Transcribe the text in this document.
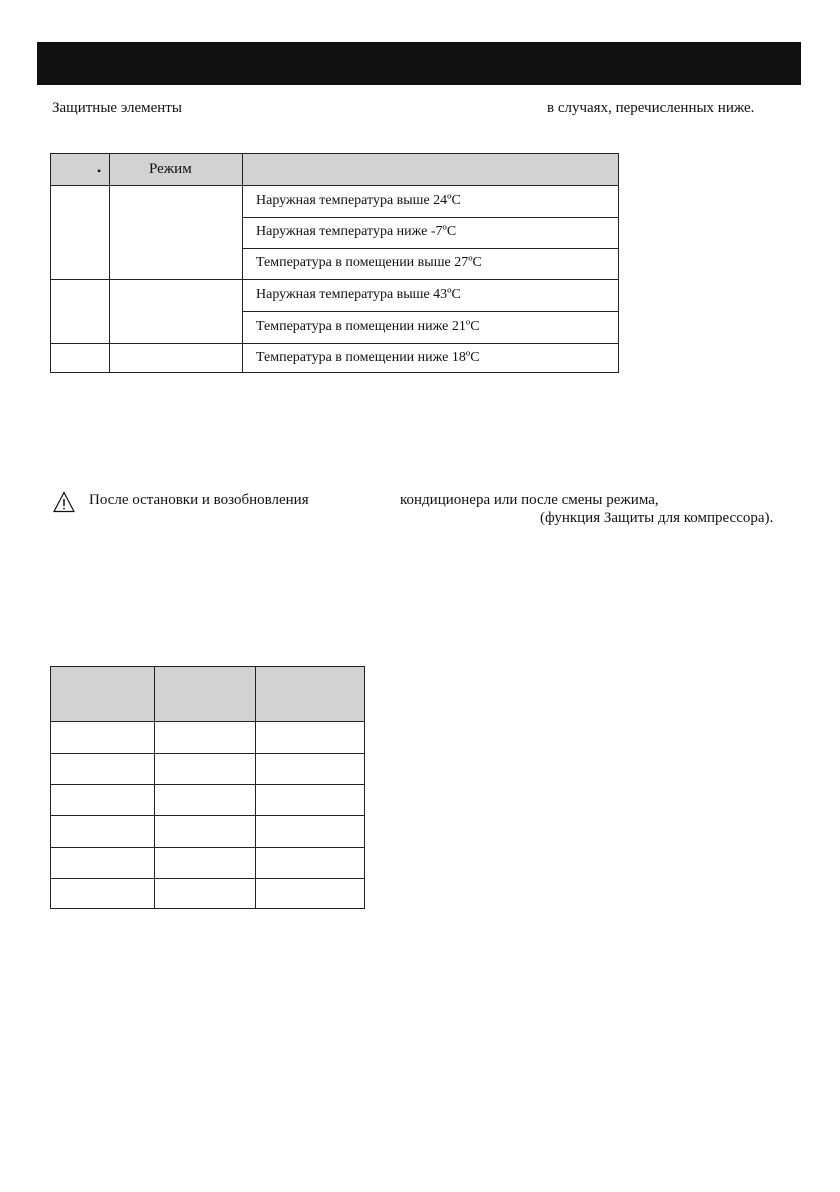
Защитные элементы	в случаях, перечисленных ниже.
•	Режим
Наружная температура выше 24ºC
Наружная температура ниже -7ºC
Температура в помещении выше 27ºC
Наружная температура выше 43ºC
Температура в помещении ниже 21ºC
Температура в помещении ниже 18ºC
После остановки и возобновления	кондиционера или после смены режима,
(функция Защиты для компрессора).
